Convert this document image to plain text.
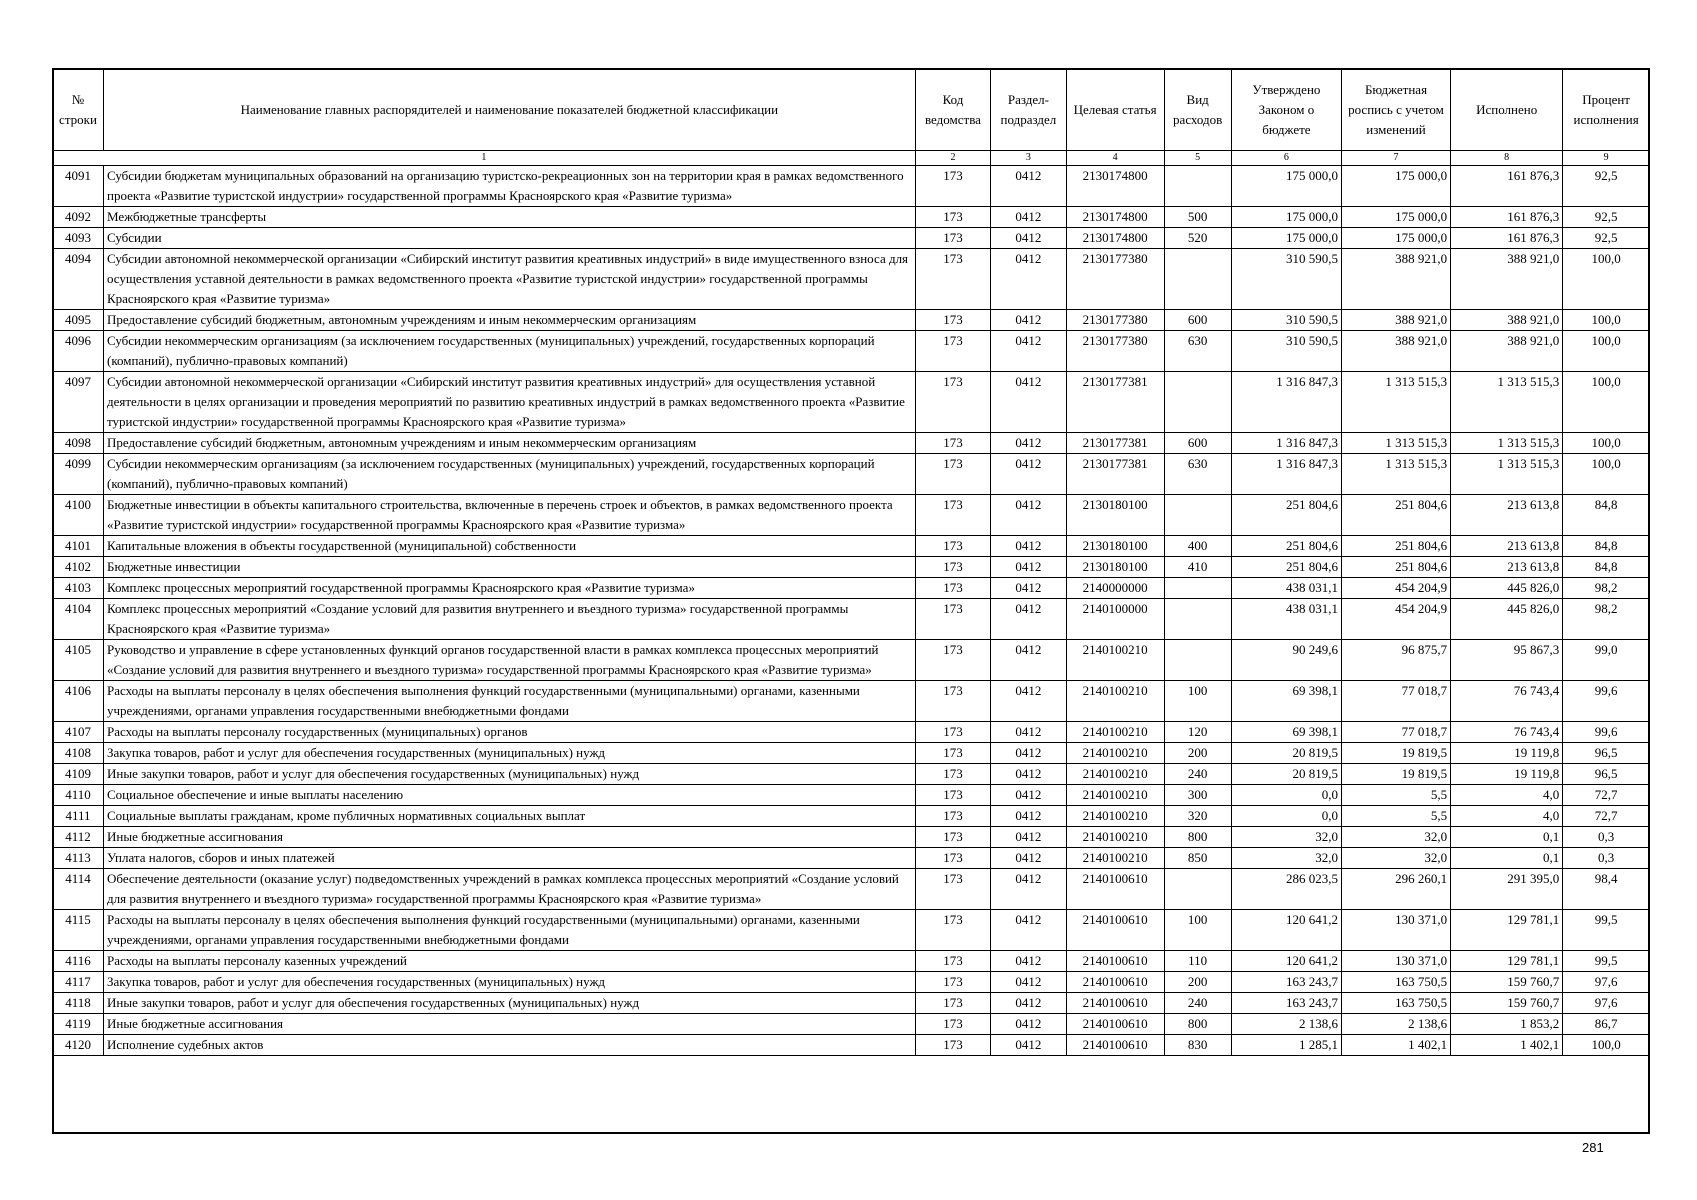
№ строки	Наименование главных распорядителей и наименование показателей бюджетной классификации	Код ведомства	Раздел-подраздел	Целевая статья	Вид расходов	Утверждено Законом о бюджете	Бюджетная роспись с учетом изменений	Исполнено	Процент исполнения
1		2	3	4	5	6	7	8	9
4091	Субсидии бюджетам муниципальных образований на организацию туристско-рекреационных зон на территории края в рамках ведомственного проекта «Развитие туристской индустрии» государственной программы Красноярского края «Развитие туризма»	173	0412	2130174800		175 000,0	175 000,0	161 876,3	92,5
4092	Межбюджетные трансферты	173	0412	2130174800	500	175 000,0	175 000,0	161 876,3	92,5
4093	Субсидии	173	0412	2130174800	520	175 000,0	175 000,0	161 876,3	92,5
4094	Субсидии автономной некоммерческой организации «Сибирский институт развития креативных индустрий» в виде имущественного взноса для осуществления уставной деятельности в рамках ведомственного проекта «Развитие туристской индустрии» государственной программы Красноярского края «Развитие туризма»	173	0412	2130177380		310 590,5	388 921,0	388 921,0	100,0
4095	Предоставление субсидий бюджетным, автономным учреждениям и иным некоммерческим организациям	173	0412	2130177380	600	310 590,5	388 921,0	388 921,0	100,0
4096	Субсидии некоммерческим организациям (за исключением государственных (муниципальных) учреждений, государственных корпораций (компаний), публично-правовых компаний)	173	0412	2130177380	630	310 590,5	388 921,0	388 921,0	100,0
4097	Субсидии автономной некоммерческой организации «Сибирский институт развития креативных индустрий» для осуществления уставной деятельности в целях организации и проведения мероприятий по развитию креативных индустрий в рамках ведомственного проекта «Развитие туристской индустрии» государственной программы Красноярского края «Развитие туризма»	173	0412	2130177381		1 316 847,3	1 313 515,3	1 313 515,3	100,0
4098	Предоставление субсидий бюджетным, автономным учреждениям и иным некоммерческим организациям	173	0412	2130177381	600	1 316 847,3	1 313 515,3	1 313 515,3	100,0
4099	Субсидии некоммерческим организациям (за исключением государственных (муниципальных) учреждений, государственных корпораций (компаний), публично-правовых компаний)	173	0412	2130177381	630	1 316 847,3	1 313 515,3	1 313 515,3	100,0
4100	Бюджетные инвестиции в объекты капитального строительства, включенные в перечень строек и объектов, в рамках ведомственного проекта «Развитие туристской индустрии» государственной программы Красноярского края «Развитие туризма»	173	0412	2130180100		251 804,6	251 804,6	213 613,8	84,8
4101	Капитальные вложения в объекты государственной (муниципальной) собственности	173	0412	2130180100	400	251 804,6	251 804,6	213 613,8	84,8
4102	Бюджетные инвестиции	173	0412	2130180100	410	251 804,6	251 804,6	213 613,8	84,8
4103	Комплекс процессных мероприятий государственной программы Красноярского края «Развитие туризма»	173	0412	2140000000		438 031,1	454 204,9	445 826,0	98,2
4104	Комплекс процессных мероприятий «Создание условий для развития внутреннего и въездного туризма» государственной программы Красноярского края «Развитие туризма»	173	0412	2140100000		438 031,1	454 204,9	445 826,0	98,2
4105	Руководство и управление в сфере установленных функций органов государственной власти в рамках комплекса процессных мероприятий «Создание условий для развития внутреннего и въездного туризма» государственной программы Красноярского края «Развитие туризма»	173	0412	2140100210		90 249,6	96 875,7	95 867,3	99,0
4106	Расходы на выплаты персоналу в целях обеспечения выполнения функций государственными (муниципальными) органами, казенными учреждениями, органами управления государственными внебюджетными фондами	173	0412	2140100210	100	69 398,1	77 018,7	76 743,4	99,6
4107	Расходы на выплаты персоналу государственных (муниципальных) органов	173	0412	2140100210	120	69 398,1	77 018,7	76 743,4	99,6
4108	Закупка товаров, работ и услуг для обеспечения государственных (муниципальных) нужд	173	0412	2140100210	200	20 819,5	19 819,5	19 119,8	96,5
4109	Иные закупки товаров, работ и услуг для обеспечения государственных (муниципальных) нужд	173	0412	2140100210	240	20 819,5	19 819,5	19 119,8	96,5
4110	Социальное обеспечение и иные выплаты населению	173	0412	2140100210	300	0,0	5,5	4,0	72,7
4111	Социальные выплаты гражданам, кроме публичных нормативных социальных выплат	173	0412	2140100210	320	0,0	5,5	4,0	72,7
4112	Иные бюджетные ассигнования	173	0412	2140100210	800	32,0	32,0	0,1	0,3
4113	Уплата налогов, сборов и иных платежей	173	0412	2140100210	850	32,0	32,0	0,1	0,3
4114	Обеспечение деятельности (оказание услуг) подведомственных учреждений в рамках комплекса процессных мероприятий «Создание условий для развития внутреннего и въездного туризма» государственной программы Красноярского края «Развитие туризма»	173	0412	2140100610		286 023,5	296 260,1	291 395,0	98,4
4115	Расходы на выплаты персоналу в целях обеспечения выполнения функций государственными (муниципальными) органами, казенными учреждениями, органами управления государственными внебюджетными фондами	173	0412	2140100610	100	120 641,2	130 371,0	129 781,1	99,5
4116	Расходы на выплаты персоналу казенных учреждений	173	0412	2140100610	110	120 641,2	130 371,0	129 781,1	99,5
4117	Закупка товаров, работ и услуг для обеспечения государственных (муниципальных) нужд	173	0412	2140100610	200	163 243,7	163 750,5	159 760,7	97,6
4118	Иные закупки товаров, работ и услуг для обеспечения государственных (муниципальных) нужд	173	0412	2140100610	240	163 243,7	163 750,5	159 760,7	97,6
4119	Иные бюджетные ассигнования	173	0412	2140100610	800	2 138,6	2 138,6	1 853,2	86,7
4120	Исполнение судебных актов	173	0412	2140100610	830	1 285,1	1 402,1	1 402,1	100,0
281
